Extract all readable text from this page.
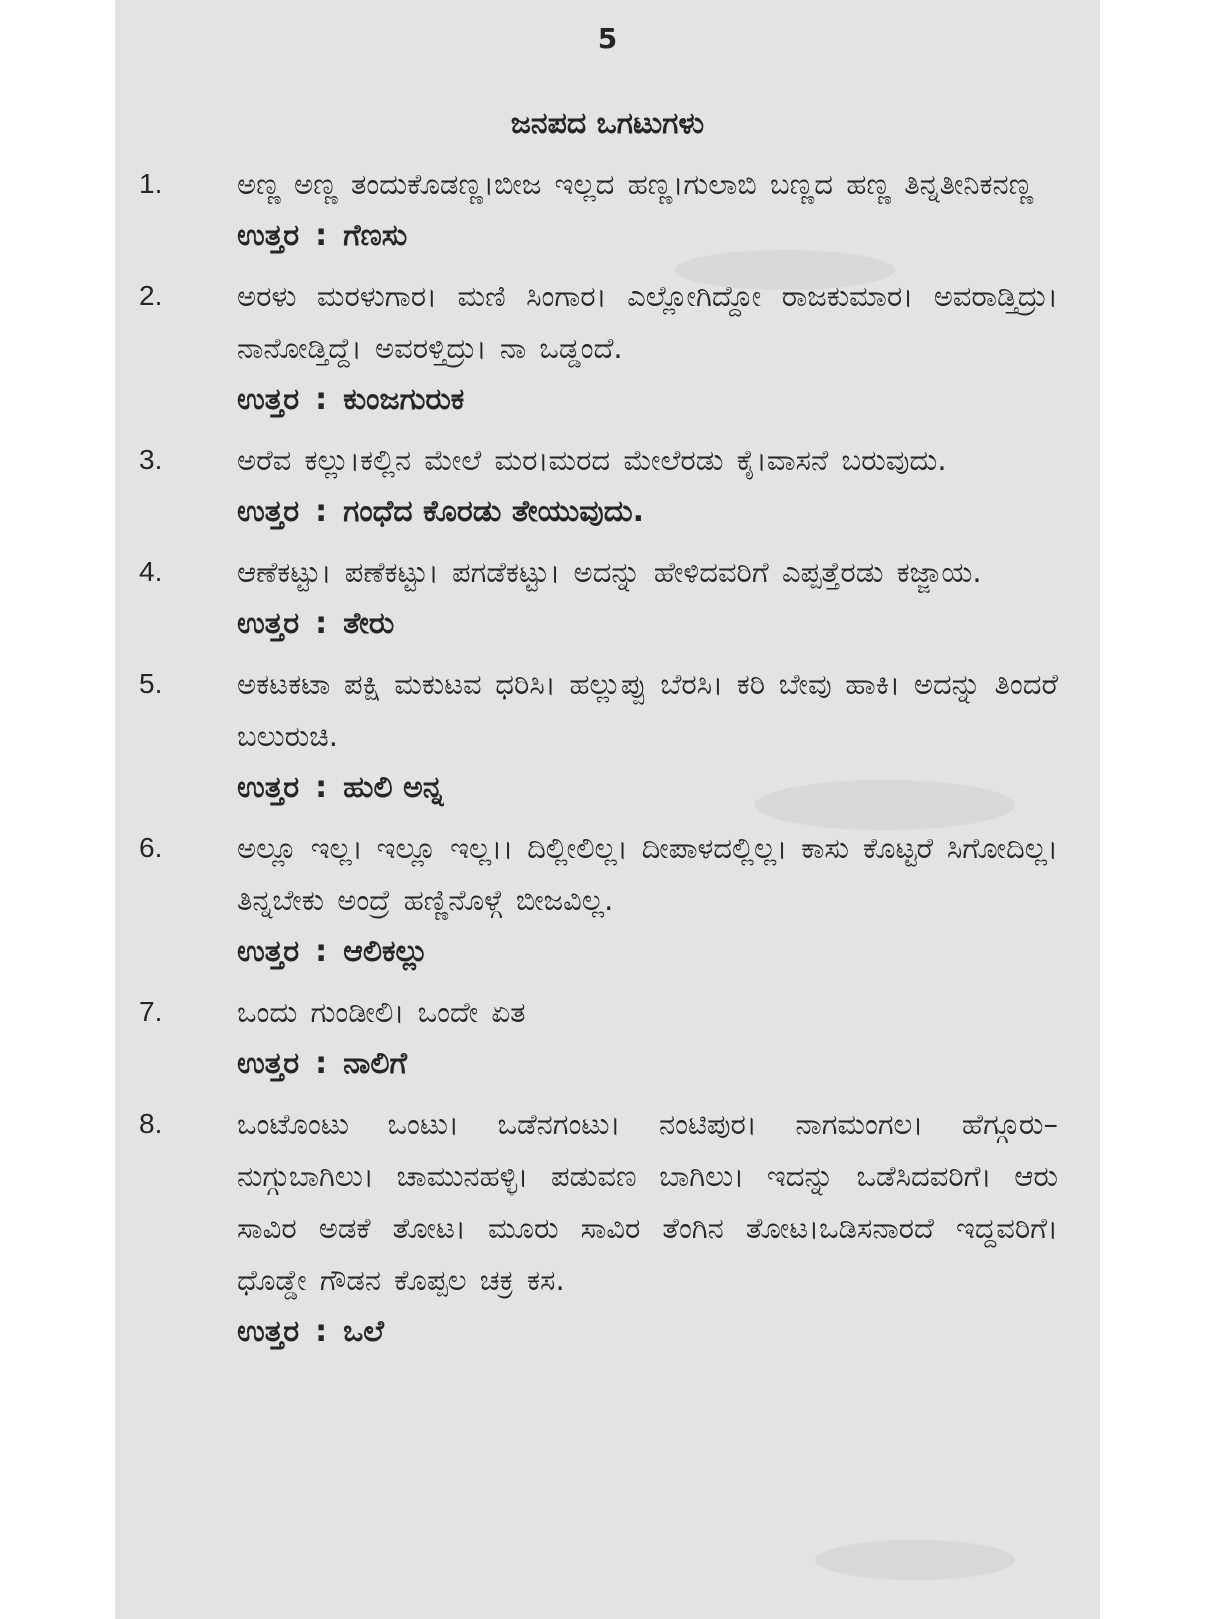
5
ಜನಪದ ಒಗಟುಗಳು
1.	ಅಣ್ಣ ಅಣ್ಣ ತಂದುಕೊಡಣ್ಣ।ಬೀಜ ಇಲ್ಲದ ಹಣ್ಣ।ಗುಲಾಬಿ ಬಣ್ಣದ ಹಣ್ಣ ತಿನ್ನತೀನಿಕನಣ್ಣ
ಉತ್ತರ : ಗೆಣಸು
2.	ಅರಳು ಮರಳುಗಾರ। ಮಣಿ ಸಿಂಗಾರ। ಎಲ್ಲೋಗಿದ್ದೋ ರಾಜಕುಮಾರ। ಅವರಾಡ್ತಿದ್ರು। ನಾನೋಡ್ತಿದ್ದೆ। ಅವರಳ್ತಿದ್ರು। ನಾ ಒಡ್ಡಂದೆ.
ಉತ್ತರ : ಕುಂಜಗುರುಕ
3.	ಅರೆವ ಕಲ್ಲು।ಕಲ್ಲಿನ ಮೇಲೆ ಮರ।ಮರದ ಮೇಲೆರಡು ಕೈ।ವಾಸನೆ ಬರುವುದು.
ಉತ್ತರ : ಗಂಧೆದ ಕೊರಡು ತೇಯುವುದು.
4.	ಆಣೆಕಟ್ಟು। ಪಣೆಕಟ್ಟು। ಪಗಡೆಕಟ್ಟು। ಅದನ್ನು ಹೇಳಿದವರಿಗೆ ಎಪ್ಪತ್ತೆರಡು ಕಜ್ಜಾಯ.
ಉತ್ತರ : ತೇರು
5.	ಅಕಟಕಟಾ ಪಕ್ಷಿ ಮಕುಟವ ಧರಿಸಿ। ಹಲ್ಲುಪ್ಪು ಬೆರಸಿ। ಕರಿ ಬೇವು ಹಾಕಿ। ಅದನ್ನು ತಿಂದರೆ ಬಲುರುಚಿ.
ಉತ್ತರ : ಹುಲಿ ಅನ್ನ
6.	ಅಲ್ಲೂ ಇಲ್ಲ। ಇಲ್ಲೂ ಇಲ್ಲ।। ದಿಲ್ಲೀಲಿಲ್ಲ। ದೀಪಾಳದಲ್ಲಿಲ್ಲ। ಕಾಸು ಕೊಟ್ಟರೆ ಸಿಗೋದಿಲ್ಲ। ತಿನ್ನಬೇಕು ಅಂದ್ರೆ ಹಣ್ಣಿನೊಳ್ಗೆ ಬೀಜವಿಲ್ಲ.
ಉತ್ತರ : ಆಲಿಕಲ್ಲು
7.	ಒಂದು ಗುಂಡೀಲಿ। ಒಂದೇ ಏತ
ಉತ್ತರ : ನಾಲಿಗೆ
8.	ಒಂಟೊಂಟು ಒಂಟು। ಒಡೆನಗಂಟು। ನಂಟಿಪುರ। ನಾಗಮಂಗಲ। ಹೆಗ್ಗೂರು–ನುಗ್ಗುಬಾಗಿಲು। ಚಾಮುನಹಳ್ಳಿ। ಪಡುವಣ ಬಾಗಿಲು। ಇದನ್ನು ಒಡೆಸಿದವರಿಗೆ। ಆರು ಸಾವಿರ ಅಡಕೆ ತೋಟ। ಮೂರು ಸಾವಿರ ತೆಂಗಿನ ತೋಟ।ಒಡಿಸನಾರದೆ ಇದ್ದವರಿಗೆ।ಧೊಡ್ಡೇ ಗೌಡನ ಕೊಪ್ಪಲ ಚಕ್ರ ಕಸ.
ಉತ್ತರ : ಒಲೆ
